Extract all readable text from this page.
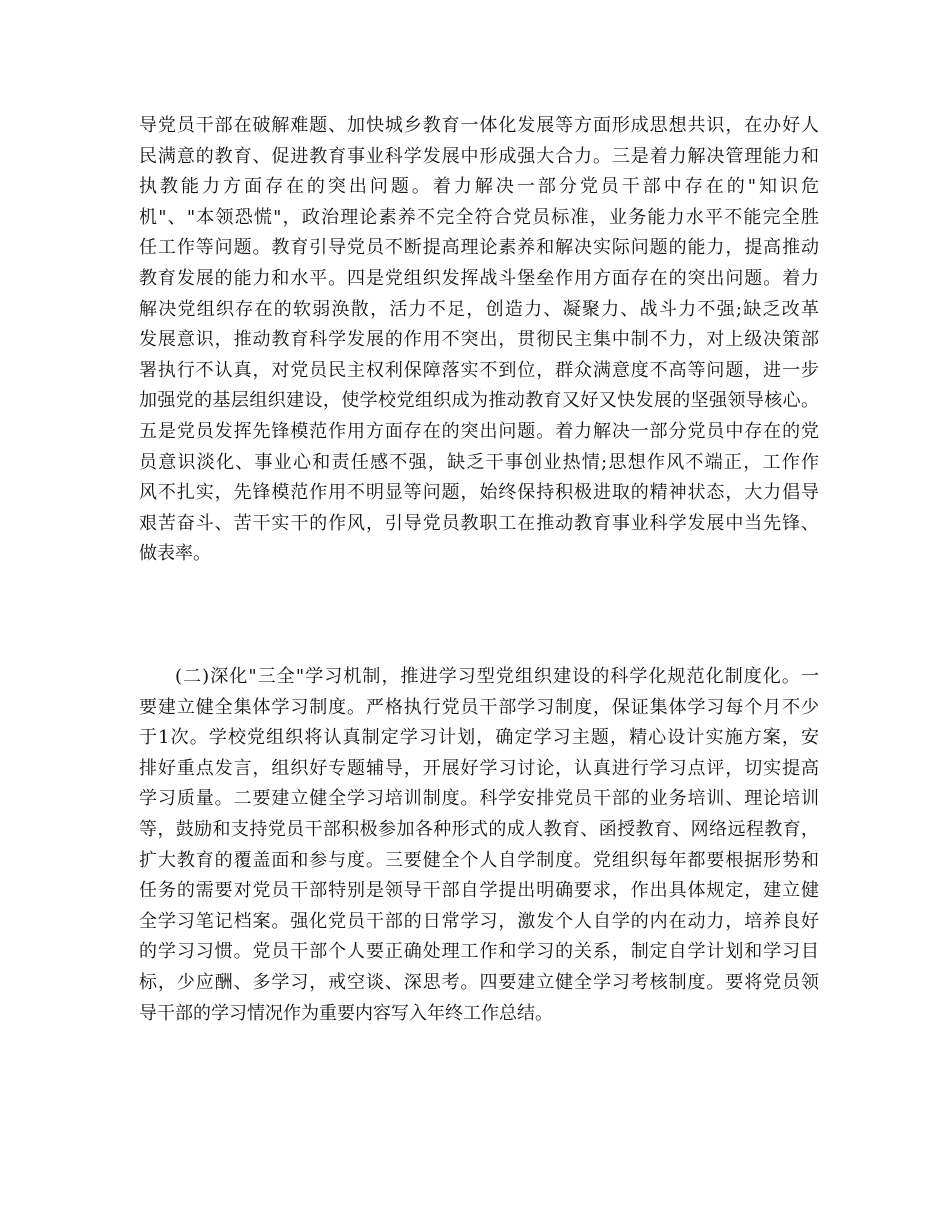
导党员干部在破解难题、加快城乡教育一体化发展等方面形成思想共识，在办好人
民满意的教育、促进教育事业科学发展中形成强大合力。三是着力解决管理能力和
执教能力方面存在的突出问题。着力解决一部分党员干部中存在的"知识危
机"、"本领恐慌"，政治理论素养不完全符合党员标准，业务能力水平不能完全胜
任工作等问题。教育引导党员不断提高理论素养和解决实际问题的能力，提高推动
教育发展的能力和水平。四是党组织发挥战斗堡垒作用方面存在的突出问题。着力
解决党组织存在的软弱涣散，活力不足，创造力、凝聚力、战斗力不强;缺乏改革
发展意识，推动教育科学发展的作用不突出，贯彻民主集中制不力，对上级决策部
署执行不认真，对党员民主权利保障落实不到位，群众满意度不高等问题，进一步
加强党的基层组织建设，使学校党组织成为推动教育又好又快发展的坚强领导核心。
五是党员发挥先锋模范作用方面存在的突出问题。着力解决一部分党员中存在的党
员意识淡化、事业心和责任感不强，缺乏干事创业热情;思想作风不端正，工作作
风不扎实，先锋模范作用不明显等问题，始终保持积极进取的精神状态，大力倡导
艰苦奋斗、苦干实干的作风，引导党员教职工在推动教育事业科学发展中当先锋、
做表率。
(二)深化"三全"学习机制，推进学习型党组织建设的科学化规范化制度化。一
要建立健全集体学习制度。严格执行党员干部学习制度，保证集体学习每个月不少
于1次。学校党组织将认真制定学习计划，确定学习主题，精心设计实施方案，安
排好重点发言，组织好专题辅导，开展好学习讨论，认真进行学习点评，切实提高
学习质量。二要建立健全学习培训制度。科学安排党员干部的业务培训、理论培训
等，鼓励和支持党员干部积极参加各种形式的成人教育、函授教育、网络远程教育，
扩大教育的覆盖面和参与度。三要健全个人自学制度。党组织每年都要根据形势和
任务的需要对党员干部特别是领导干部自学提出明确要求，作出具体规定，建立健
全学习笔记档案。强化党员干部的日常学习，激发个人自学的内在动力，培养良好
的学习习惯。党员干部个人要正确处理工作和学习的关系，制定自学计划和学习目
标，少应酬、多学习，戒空谈、深思考。四要建立健全学习考核制度。要将党员领
导干部的学习情况作为重要内容写入年终工作总结。
